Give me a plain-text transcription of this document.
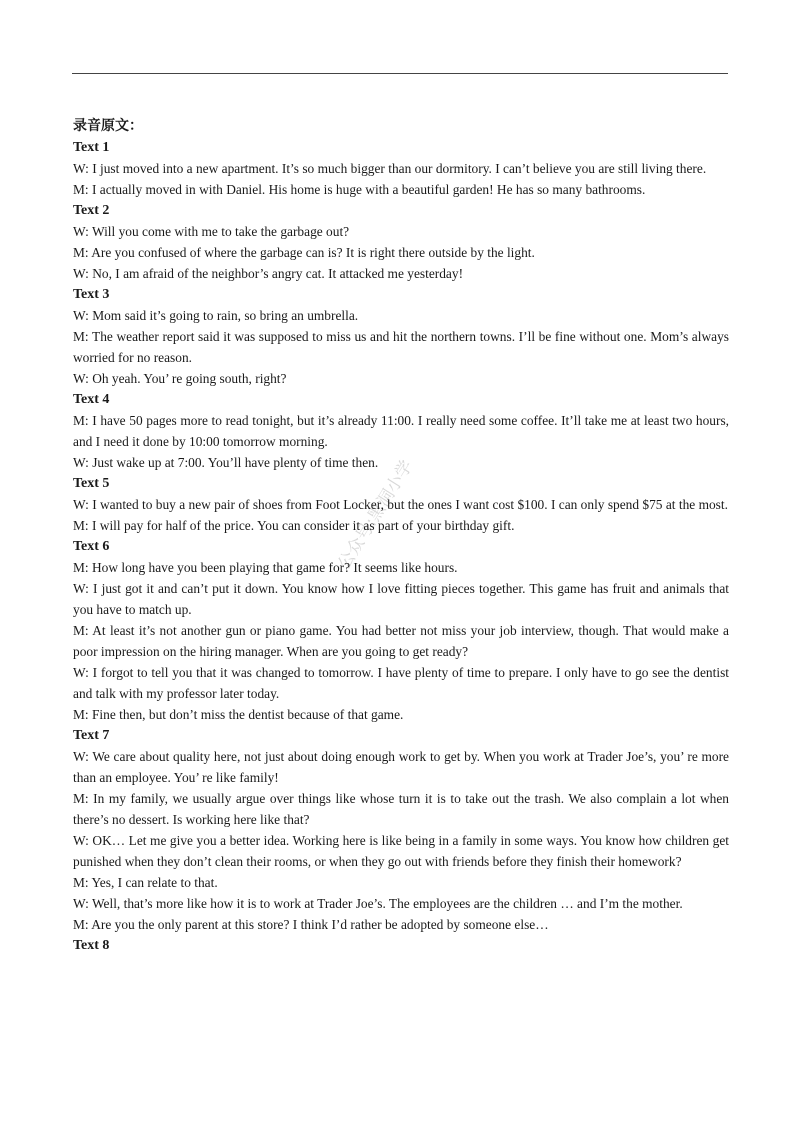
公众号:黑洞小学
录音原文：
Text 1
W: I just moved into a new apartment. It’s so much bigger than our dormitory. I can’t believe you are still living there.
M: I actually moved in with Daniel. His home is huge with a beautiful garden! He has so many bathrooms.
Text 2
W: Will you come with me to take the garbage out?
M: Are you confused of where the garbage can is? It is right there outside by the light.
W: No, I am afraid of the neighbor’s angry cat. It attacked me yesterday!
Text 3
W: Mom said it’s going to rain, so bring an umbrella.
M: The weather report said it was supposed to miss us and hit the northern towns. I’ll be fine without one. Mom’s always worried for no reason.
W: Oh yeah. You’ re going south, right?
Text 4
M: I have 50 pages more to read tonight, but it’s already 11:00. I really need some coffee. It’ll take me at least two hours, and I need it done by 10:00 tomorrow morning.
W: Just wake up at 7:00. You’ll have plenty of time then.
Text 5
W: I wanted to buy a new pair of shoes from Foot Locker, but the ones I want cost $100. I can only spend $75 at the most.
M: I will pay for half of the price. You can consider it as part of your birthday gift.
Text 6
M: How long have you been playing that game for? It seems like hours.
W: I just got it and can’t put it down. You know how I love fitting pieces together. This game has fruit and animals that you have to match up.
M: At least it’s not another gun or piano game. You had better not miss your job interview, though. That would make a poor impression on the hiring manager. When are you going to get ready?
W: I forgot to tell you that it was changed to tomorrow. I have plenty of time to prepare. I only have to go see the dentist and talk with my professor later today.
M: Fine then, but don’t miss the dentist because of that game.
Text 7
W: We care about quality here, not just about doing enough work to get by. When you work at Trader Joe’s, you’ re more than an employee. You’ re like family!
M: In my family, we usually argue over things like whose turn it is to take out the trash. We also complain a lot when there’s no dessert. Is working here like that?
W: OK… Let me give you a better idea. Working here is like being in a family in some ways. You know how children get punished when they don’t clean their rooms, or when they go out with friends before they finish their homework?
M: Yes, I can relate to that.
W: Well, that’s more like how it is to work at Trader Joe’s. The employees are the children … and I’m the mother.
M: Are you the only parent at this store? I think I’d rather be adopted by someone else…
Text 8
